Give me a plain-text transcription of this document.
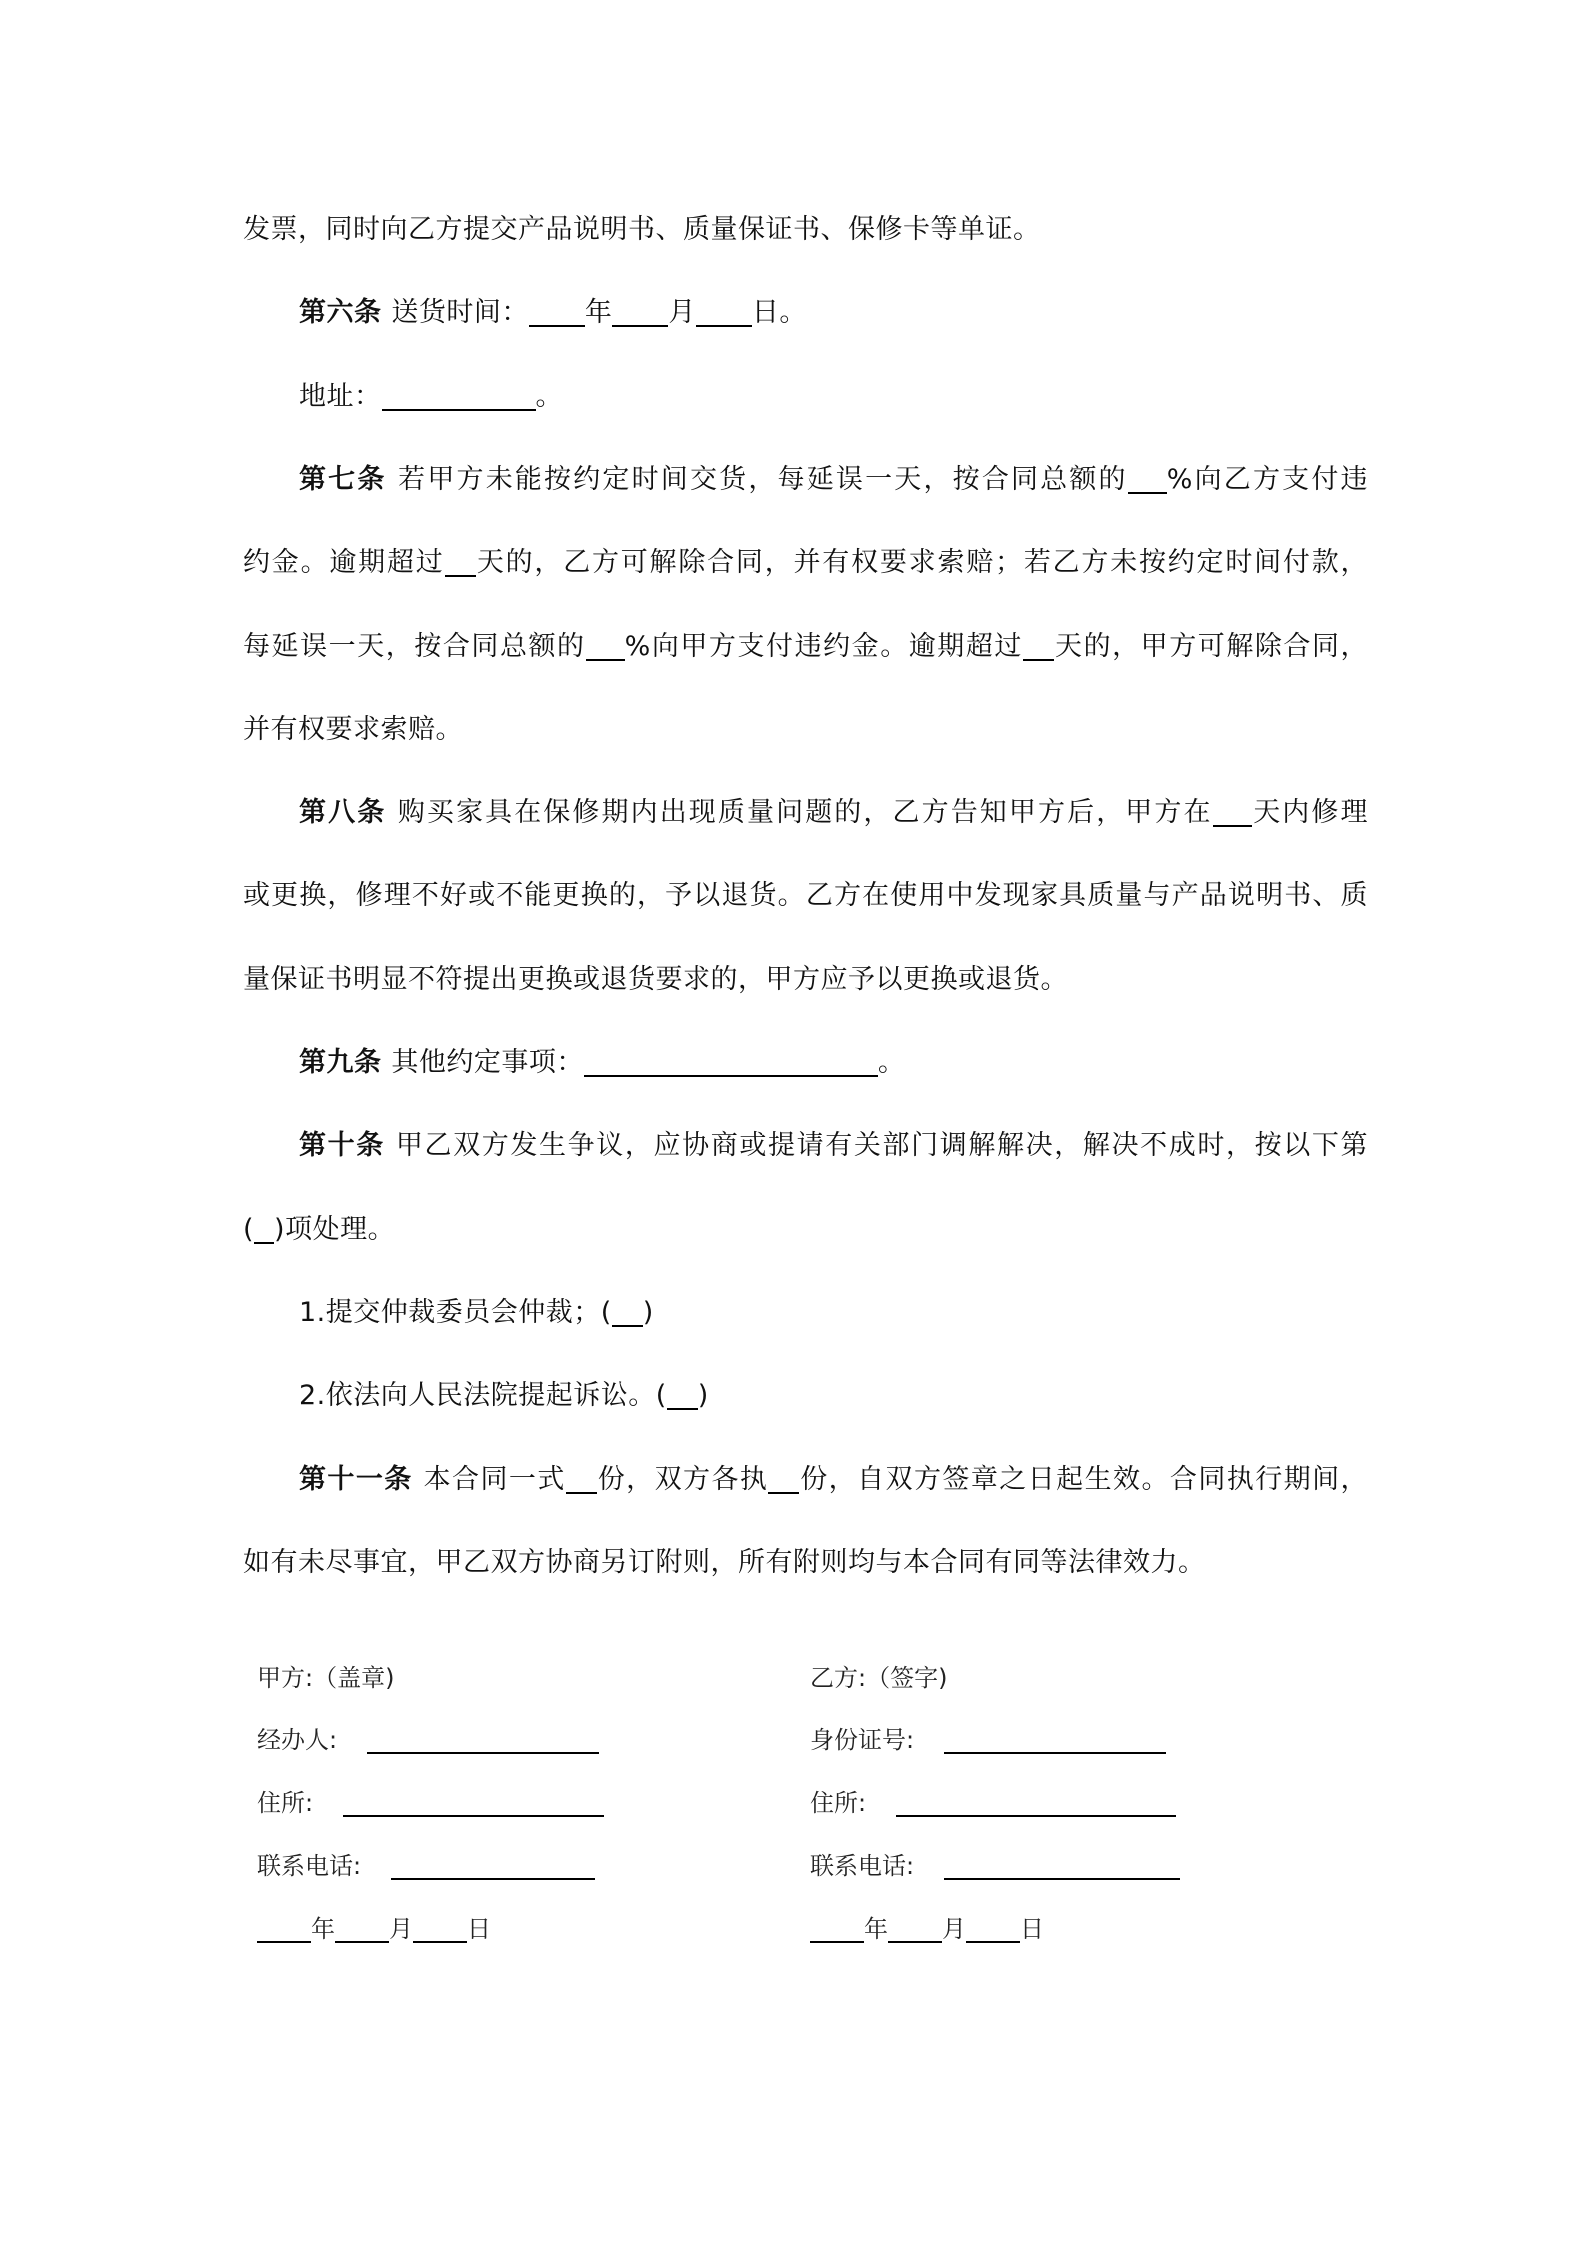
发票，同时向乙方提交产品说明书、质量保证书、保修卡等单证。
第六条 送货时间： 年 月 日。
地址：	。
第七条 若甲方未能按约定时间交货，每延误一天，按合同总额的 %向乙方支付违
约金。逾期超过 天的，乙方可解除合同，并有权要求索赔；若乙方未按约定时间付款，
每延误一天，按合同总额的 %向甲方支付违约金。逾期超过 天的，甲方可解除合同，
并有权要求索赔。
第八条 购买家具在保修期内出现质量问题的，乙方告知甲方后，甲方在 天内修理
或更换，修理不好或不能更换的，予以退货。乙方在使用中发现家具质量与产品说明书、质
量保证书明显不符提出更换或退货要求的，甲方应予以更换或退货。
第九条 其他约定事项：	。
第十条 甲乙双方发生争议，应协商或提请有关部门调解解决，解决不成时，按以下第
( )项处理。
1.提交仲裁委员会仲裁；( )
2.依法向人民法院提起诉讼。( )
第十一条 本合同一式 份，双方各执 份，自双方签章之日起生效。合同执行期间，
如有未尽事宜，甲乙双方协商另订附则，所有附则均与本合同有同等法律效力。
甲方:（盖章)
经办人:
住所:
联系电话:
年 月 日
乙方:（签字)
身份证号:
住所:
联系电话:
年 月 日
